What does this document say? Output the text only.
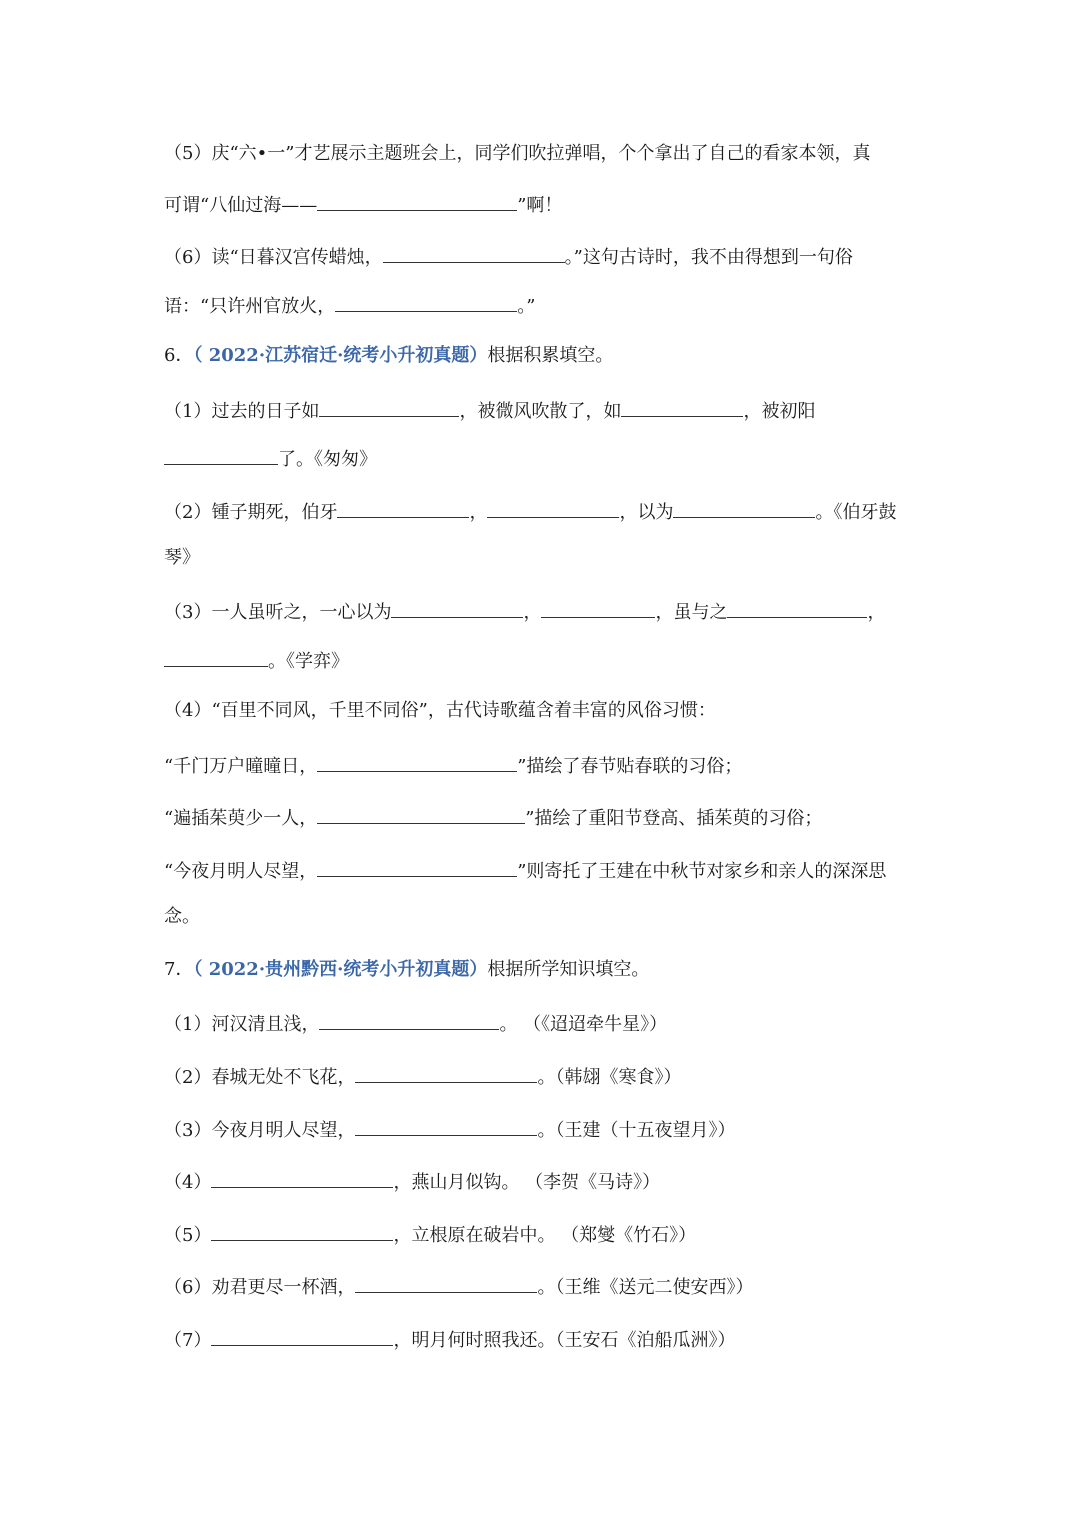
（5）庆“六•一”才艺展示主题班会上，同学们吹拉弹唱，个个拿出了自己的看家本领，真
可谓“八仙过海——	”啊！
（6）读“日暮汉宫传蜡烛，	。”这句古诗时，我不由得想到一句俗
语：“只许州官放火，	。”
6．（ 2022·江苏宿迁·统考小升初真题）根据积累填空。
（1）过去的日子如	，被微风吹散了，如	，被初阳
了。《匆匆》
（2）锺子期死，伯牙	，	，以为	。《伯牙鼓
琴》
（3）一人虽听之，一心以为	，	，虽与之	，
。《学弈》
（4）“百里不同风，千里不同俗”，古代诗歌蕴含着丰富的风俗习惯：
“千门万户曈曈日，	”描绘了春节贴春联的习俗；
“遍插茱萸少一人，	”描绘了重阳节登高、插茱萸的习俗；
“今夜月明人尽望，	”则寄托了王建在中秋节对家乡和亲人的深深思
念。
7．（ 2022·贵州黔西·统考小升初真题）根据所学知识填空。
（1）河汉清且浅，	。 （《迢迢牵牛星》）
（2）春城无处不飞花，	。（韩翃《寒食》）
（3）今夜月明人尽望，	。（王建（十五夜望月》）
（4）	，燕山月似钩。 （李贺《马诗》）
（5）	，立根原在破岩中。 （郑燮《竹石》）
（6）劝君更尽一杯酒，	。（王维《送元二使安西》）
（7）	，明月何时照我还。（王安石《泊船瓜洲》）
